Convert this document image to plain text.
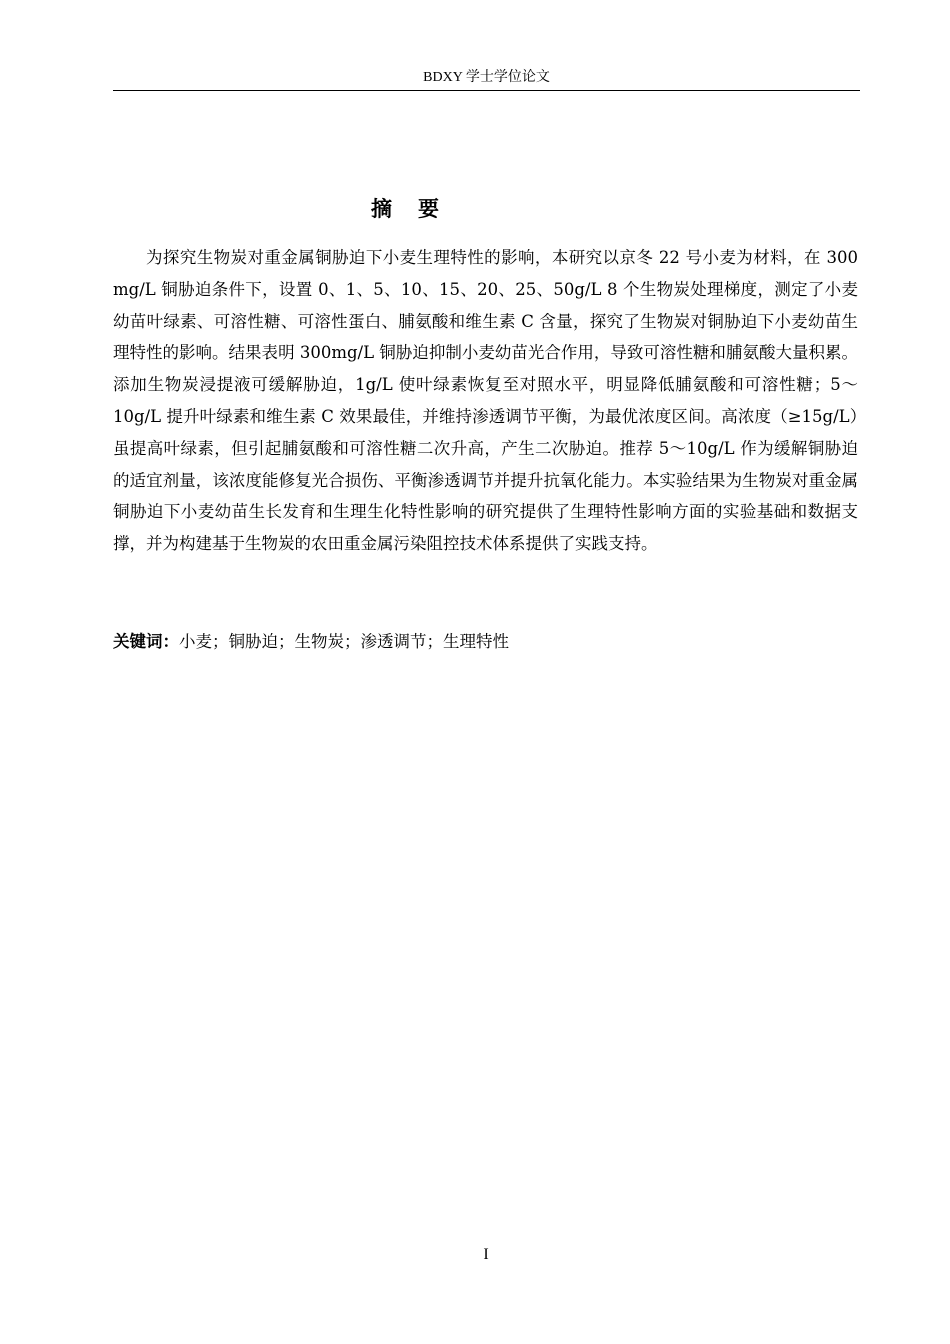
BDXY 学士学位论文
摘要

为探究生物炭对重金属铜胁迫下小麦生理特性的影响，本研究以京冬 22 号小麦为材料，在 300 mg/L 铜胁迫条件下，设置 0、1、5、10、15、20、25、50g/L 8 个生物炭处理梯度，测定了小麦幼苗叶绿素、可溶性糖、可溶性蛋白、脯氨酸和维生素 C 含量，探究了生物炭对铜胁迫下小麦幼苗生理特性的影响。结果表明 300mg/L 铜胁迫抑制小麦幼苗光合作用，导致可溶性糖和脯氨酸大量积累。添加生物炭浸提液可缓解胁迫，1g/L 使叶绿素恢复至对照水平，明显降低脯氨酸和可溶性糖；5～10g/L 提升叶绿素和维生素 C 效果最佳，并维持渗透调节平衡，为最优浓度区间。高浓度（≥15g/L）虽提高叶绿素，但引起脯氨酸和可溶性糖二次升高，产生二次胁迫。推荐 5～10g/L 作为缓解铜胁迫的适宜剂量，该浓度能修复光合损伤、平衡渗透调节并提升抗氧化能力。本实验结果为生物炭对重金属铜胁迫下小麦幼苗生长发育和生理生化特性影响的研究提供了生理特性影响方面的实验基础和数据支撑，并为构建基于生物炭的农田重金属污染阻控技术体系提供了实践支持。

关键词：小麦；铜胁迫；生物炭；渗透调节；生理特性

I
